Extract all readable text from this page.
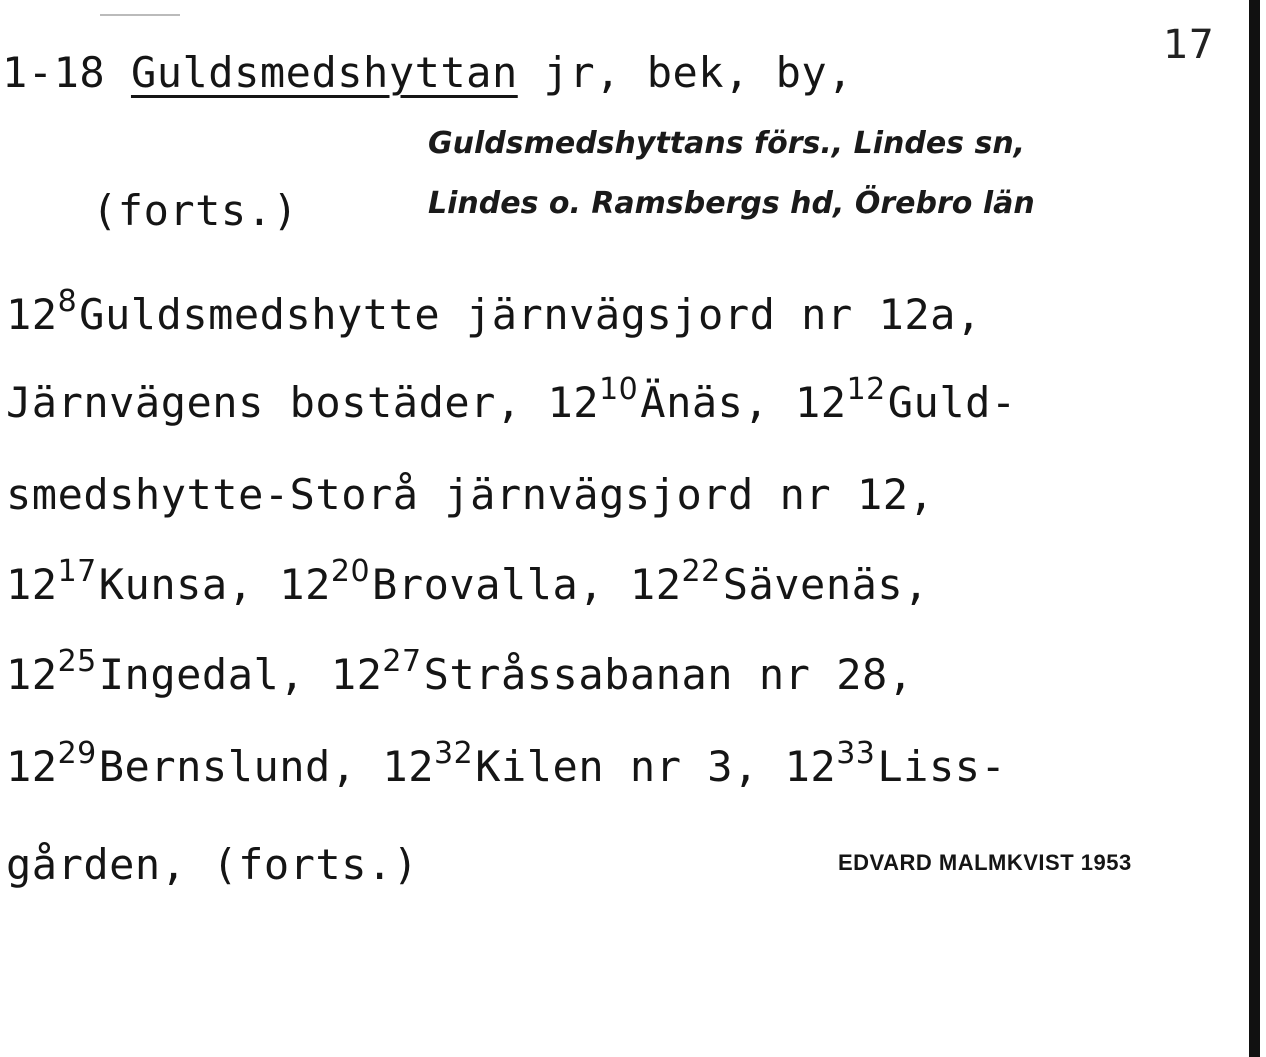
17
1-18 Guldsmedshyttan jr, bek, by,
Guldsmedshyttans förs., Lindes sn,
(forts.)	Lindes o. Ramsbergs hd, Örebro län
$12^8Guldsmedshytte$ järnvägsjord nr 12a,
Järnvägens bostäder, $12^{10}Änäs$, $12^{12}Guld-$
smedshytte-Storå järnvägsjord nr 12,
$12^{17}Kunsa$, $12^{20}Brovalla$, $12^{22}Sävenäs$,
$12^{25}Ingedal$, $12^{27}Stråssabanan$ nr 28,
$12^{29}Bernslund$, $12^{32}Kilen$ nr 3, $12^{33}Liss-$
gården, (forts.)	EDVARD MALMKVIST 1953
